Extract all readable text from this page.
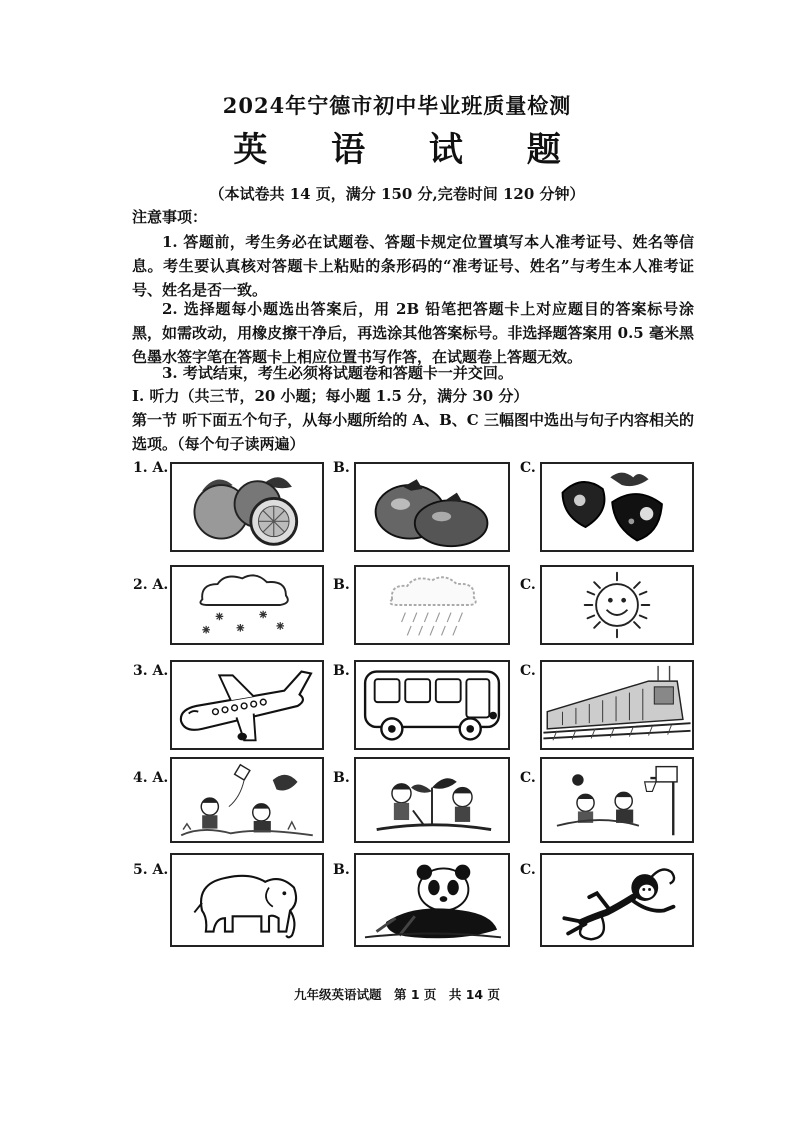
2024年宁德市初中毕业班质量检测
英 语 试 题
（本试卷共 14 页，满分 150 分,完卷时间 120 分钟）
注意事项：
1. 答题前，考生务必在试题卷、答题卡规定位置填写本人准考证号、姓名等信息。考生要认真核对答题卡上粘贴的条形码的“准考证号、姓名”与考生本人准考证号、姓名是否一致。
2. 选择题每小题选出答案后，用 2B 铅笔把答题卡上对应题目的答案标号涂黑，如需改动，用橡皮擦干净后，再选涂其他答案标号。非选择题答案用 0.5 毫米黑色墨水签字笔在答题卡上相应位置书写作答，在试题卷上答题无效。
3. 考试结束，考生必须将试题卷和答题卡一并交回。
Ⅰ. 听力（共三节，20 小题；每小题 1.5 分，满分 30 分）
第一节 听下面五个句子，从每小题所给的 A、B、C 三幅图中选出与句子内容相关的选项。（每个句子读两遍）
1. A.	B.	C.
2. A.	B.	C.
3. A.	B.	C.
4. A.	B.	C.
5. A.	B.	C.
九年级英语试题　第 1 页　共 14 页
